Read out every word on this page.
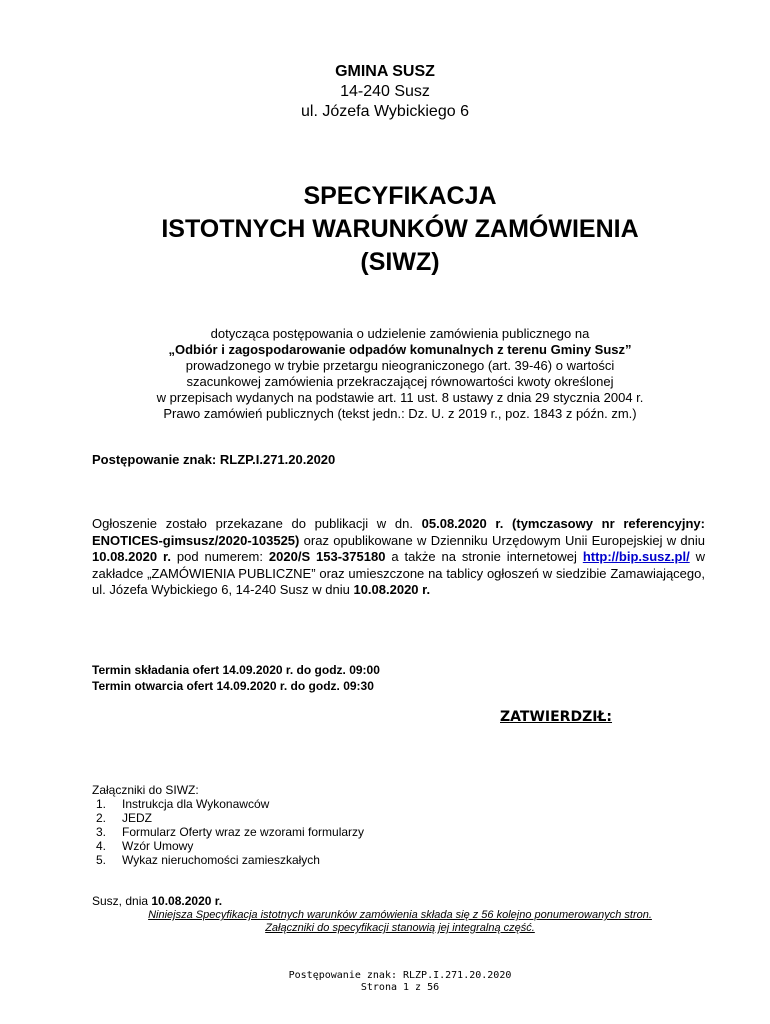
GMINA SUSZ
14-240 Susz
ul. Józefa Wybickiego 6
SPECYFIKACJA
ISTOTNYCH WARUNKÓW ZAMÓWIENIA
(SIWZ)
dotycząca postępowania o udzielenie zamówienia publicznego na
„Odbiór i zagospodarowanie odpadów komunalnych z terenu Gminy Susz”
prowadzonego w trybie przetargu nieograniczonego (art. 39-46) o wartości
szacunkowej zamówienia przekraczającej równowartości kwoty określonej
w przepisach wydanych na podstawie art. 11 ust. 8 ustawy z dnia 29 stycznia 2004 r.
Prawo zamówień publicznych (tekst jedn.: Dz. U. z 2019 r., poz. 1843 z późn. zm.)
Postępowanie znak: RLZP.I.271.20.2020
Ogłoszenie zostało przekazane do publikacji w dn. 05.08.2020 r. (tymczasowy nr referencyjny: ENOTICES-gimsusz/2020-103525) oraz opublikowane w Dzienniku Urzędowym Unii Europejskiej w dniu 10.08.2020 r. pod numerem: 2020/S 153-375180 a także na stronie internetowej http://bip.susz.pl/ w zakładce „ZAMÓWIENIA PUBLICZNE” oraz umieszczone na tablicy ogłoszeń w siedzibie Zamawiającego, ul. Józefa Wybickiego 6, 14-240 Susz w dniu 10.08.2020 r.
Termin składania ofert 14.09.2020 r. do godz. 09:00
Termin otwarcia ofert 14.09.2020 r. do godz. 09:30
ZATWIERDZIŁ:
Załączniki do SIWZ:
1.	Instrukcja dla Wykonawców
2.	JEDZ
3.	Formularz Oferty wraz ze wzorami formularzy
4.	Wzór Umowy
5.	Wykaz nieruchomości zamieszkałych
Susz, dnia 10.08.2020 r.
Niniejsza Specyfikacja istotnych warunków zamówienia składa się z 56 kolejno ponumerowanych stron.
Załączniki do specyfikacji stanowią jej integralną część.
Postępowanie znak: RLZP.I.271.20.2020
Strona 1 z 56
